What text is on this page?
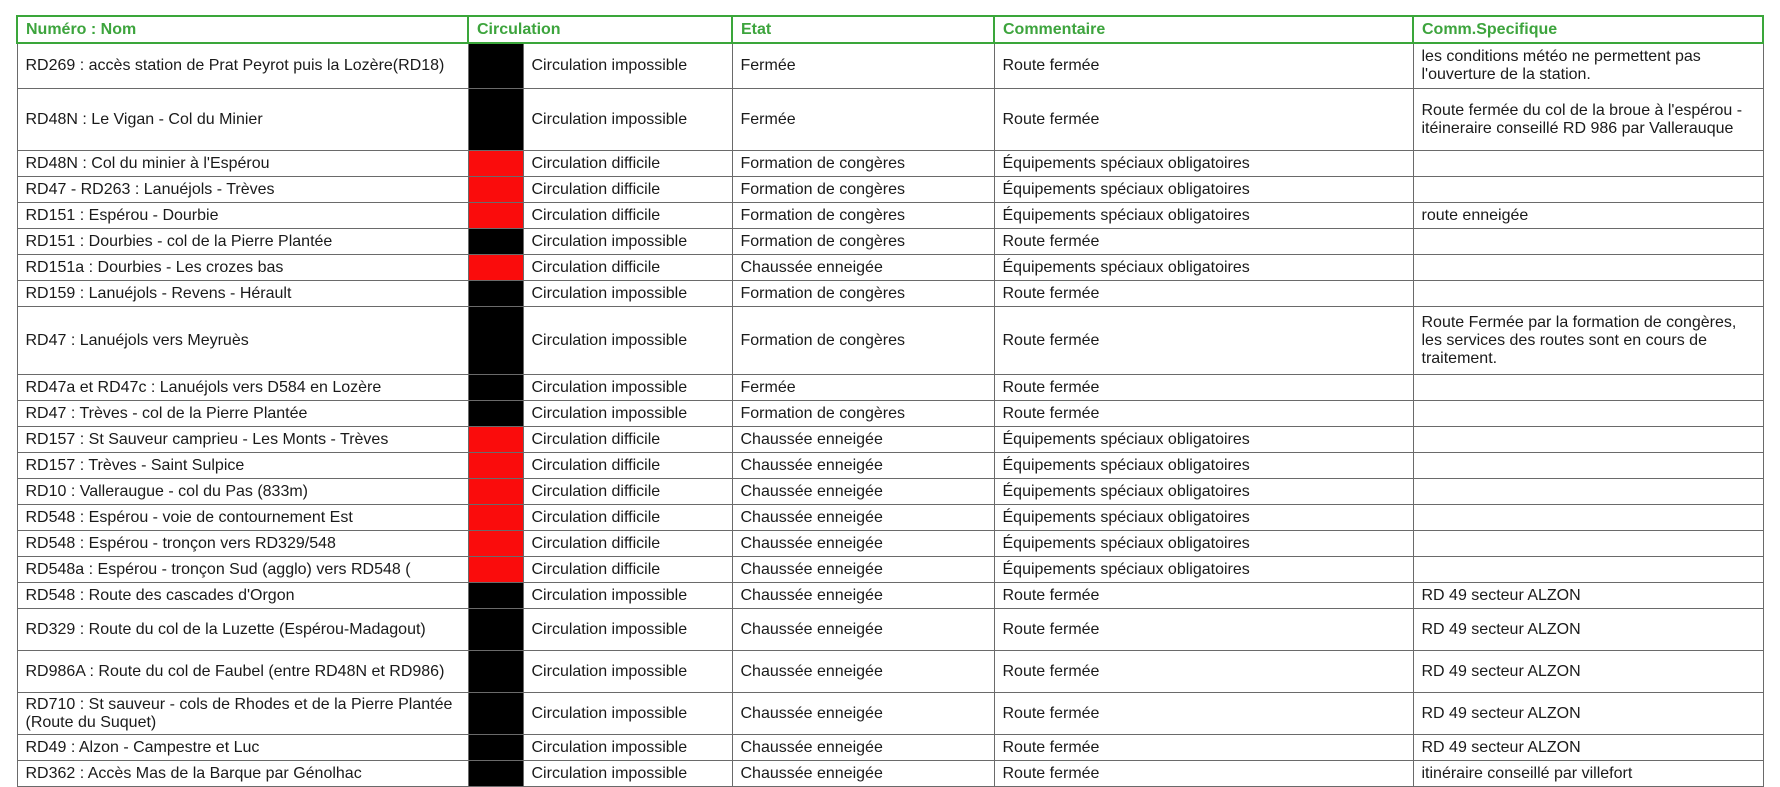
Numéro : Nom	Circulation		Etat	Commentaire	Comm.Specifique
RD269 : accès station de Prat Peyrot puis la Lozère(RD18)		Circulation impossible	Fermée	Route fermée	les conditions météo ne permettent pas l'ouverture de la station.
RD48N : Le Vigan - Col du Minier		Circulation impossible	Fermée	Route fermée	Route fermée du col de la broue à l'espérou - itéineraire conseillé RD 986 par Vallerauque
RD48N : Col du minier à l'Espérou		Circulation difficile	Formation de congères	Équipements spéciaux obligatoires	
RD47 - RD263 : Lanuéjols - Trèves		Circulation difficile	Formation de congères	Équipements spéciaux obligatoires	
RD151 : Espérou - Dourbie		Circulation difficile	Formation de congères	Équipements spéciaux obligatoires	route enneigée
RD151 : Dourbies - col de la Pierre Plantée		Circulation impossible	Formation de congères	Route fermée	
RD151a : Dourbies - Les crozes bas		Circulation difficile	Chaussée enneigée	Équipements spéciaux obligatoires	
RD159 : Lanuéjols - Revens - Hérault		Circulation impossible	Formation de congères	Route fermée	
RD47 : Lanuéjols vers Meyruès		Circulation impossible	Formation de congères	Route fermée	Route Fermée par la formation de congères, les services des routes sont en cours de traitement.
RD47a et RD47c : Lanuéjols vers D584 en Lozère		Circulation impossible	Fermée	Route fermée	
RD47 : Trèves - col de la Pierre Plantée		Circulation impossible	Formation de congères	Route fermée	
RD157 : St Sauveur camprieu - Les Monts - Trèves		Circulation difficile	Chaussée enneigée	Équipements spéciaux obligatoires	
RD157 : Trèves - Saint Sulpice		Circulation difficile	Chaussée enneigée	Équipements spéciaux obligatoires	
RD10 : Valleraugue - col du Pas (833m)		Circulation difficile	Chaussée enneigée	Équipements spéciaux obligatoires	
RD548 : Espérou - voie de contournement Est		Circulation difficile	Chaussée enneigée	Équipements spéciaux obligatoires	
RD548 : Espérou - tronçon vers RD329/548		Circulation difficile	Chaussée enneigée	Équipements spéciaux obligatoires	
RD548a : Espérou - tronçon Sud (agglo) vers RD548 (		Circulation difficile	Chaussée enneigée	Équipements spéciaux obligatoires	
RD548 : Route des cascades d'Orgon		Circulation impossible	Chaussée enneigée	Route fermée	RD 49 secteur ALZON
RD329 : Route du col de la Luzette (Espérou-Madagout)		Circulation impossible	Chaussée enneigée	Route fermée	RD 49 secteur ALZON
RD986A : Route du col de Faubel (entre RD48N et RD986)		Circulation impossible	Chaussée enneigée	Route fermée	RD 49 secteur ALZON
RD710 : St sauveur - cols de Rhodes et de la Pierre Plantée (Route du Suquet)		Circulation impossible	Chaussée enneigée	Route fermée	RD 49 secteur ALZON
RD49 : Alzon - Campestre et Luc		Circulation impossible	Chaussée enneigée	Route fermée	RD 49 secteur ALZON
RD362 : Accès Mas de la Barque par Génolhac		Circulation impossible	Chaussée enneigée	Route fermée	itinéraire conseillé par villefort
